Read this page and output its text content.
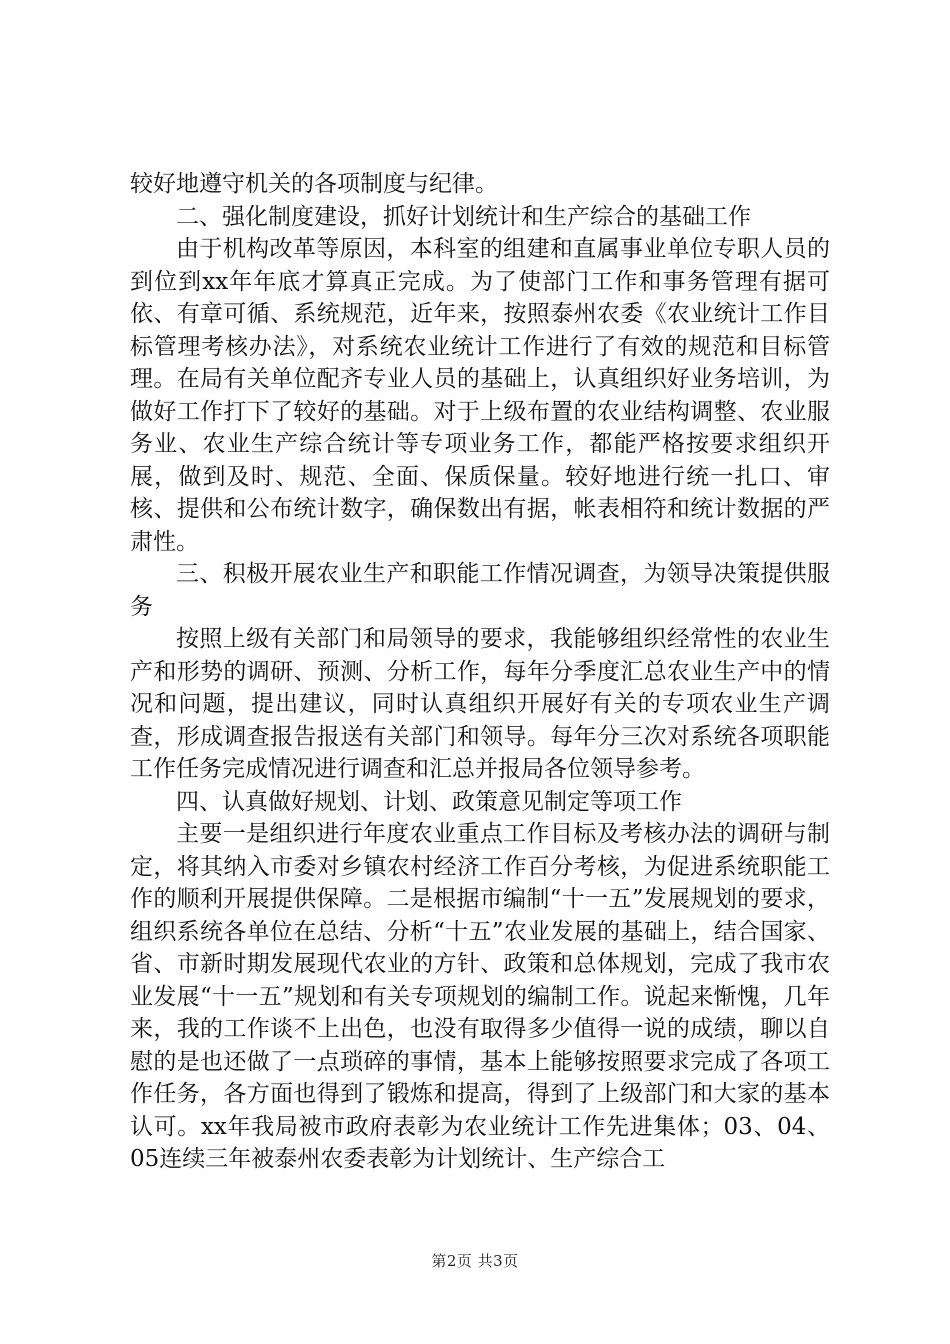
较好地遵守机关的各项制度与纪律。

二、强化制度建设，抓好计划统计和生产综合的基础工作

由于机构改革等原因，本科室的组建和直属事业单位专职人员的到位到xx年年底才算真正完成。为了使部门工作和事务管理有据可依、有章可循、系统规范，近年来，按照泰州农委《农业统计工作目标管理考核办法》，对系统农业统计工作进行了有效的规范和目标管理。在局有关单位配齐专业人员的基础上，认真组织好业务培训，为做好工作打下了较好的基础。对于上级布置的农业结构调整、农业服务业、农业生产综合统计等专项业务工作，都能严格按要求组织开展，做到及时、规范、全面、保质保量。较好地进行统一扎口、审核、提供和公布统计数字，确保数出有据，帐表相符和统计数据的严肃性。

三、积极开展农业生产和职能工作情况调查，为领导决策提供服务

按照上级有关部门和局领导的要求，我能够组织经常性的农业生产和形势的调研、预测、分析工作，每年分季度汇总农业生产中的情况和问题，提出建议，同时认真组织开展好有关的专项农业生产调查，形成调查报告报送有关部门和领导。每年分三次对系统各项职能工作任务完成情况进行调查和汇总并报局各位领导参考。

四、认真做好规划、计划、政策意见制定等项工作

主要一是组织进行年度农业重点工作目标及考核办法的调研与制定，将其纳入市委对乡镇农村经济工作百分考核，为促进系统职能工作的顺利开展提供保障。二是根据市编制“十一五”发展规划的要求，组织系统各单位在总结、分析“十五”农业发展的基础上，结合国家、省、市新时期发展现代农业的方针、政策和总体规划，完成了我市农业发展“十一五”规划和有关专项规划的编制工作。说起来惭愧，几年来，我的工作谈不上出色，也没有取得多少值得一说的成绩，聊以自慰的是也还做了一点琐碎的事情，基本上能够按照要求完成了各项工作任务，各方面也得到了锻炼和提高，得到了上级部门和大家的基本认可。xx年我局被市政府表彰为农业统计工作先进集体；03、04、05连续三年被泰州农委表彰为计划统计、生产综合工

第2页 共3页
